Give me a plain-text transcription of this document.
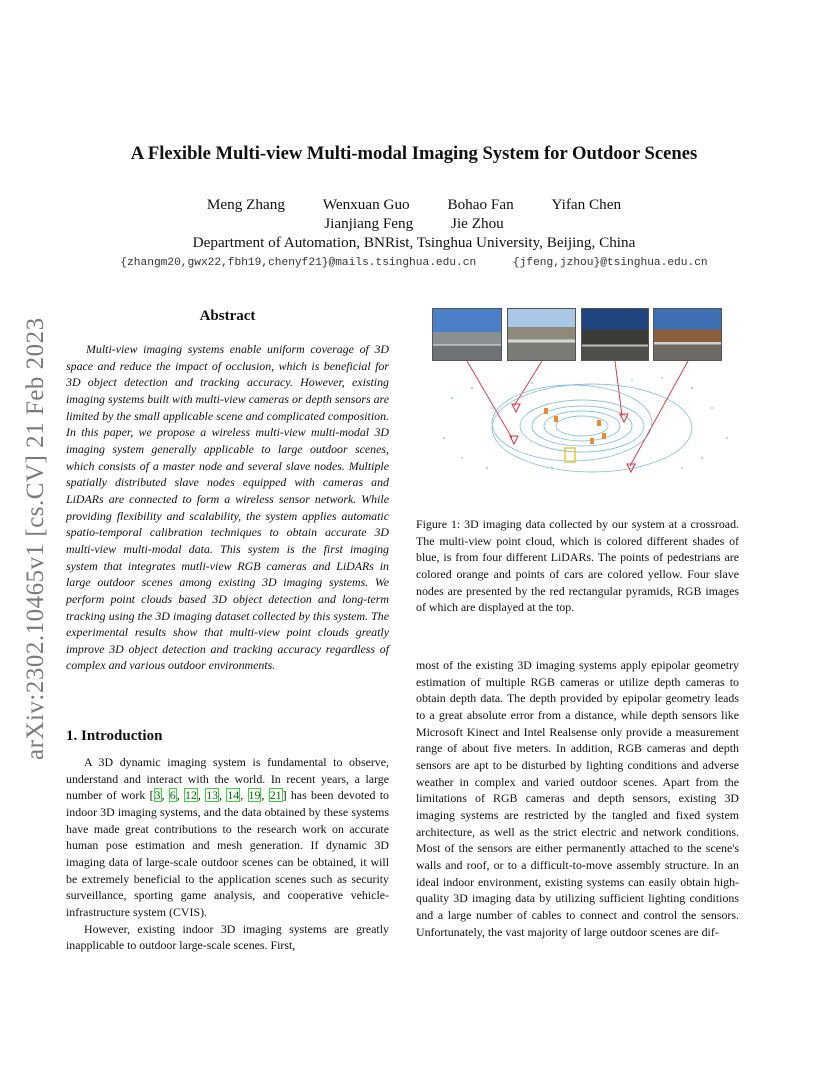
arXiv:2302.10465v1 [cs.CV] 21 Feb 2023
A Flexible Multi-view Multi-modal Imaging System for Outdoor Scenes
Meng Zhang Wenxuan Guo Bohao Fan Yifan Chen
Jianjiang Feng Jie Zhou
Department of Automation, BNRist, Tsinghua University, Beijing, China
{zhangm20,gwx22,fbh19,chenyf21}@mails.tsinghua.edu.cn	{jfeng,jzhou}@tsinghua.edu.cn
Abstract

Multi-view imaging systems enable uniform coverage of 3D space and reduce the impact of occlusion, which is beneficial for 3D object detection and tracking accuracy. However, existing imaging systems built with multi-view cameras or depth sensors are limited by the small applicable scene and complicated composition. In this paper, we propose a wireless multi-view multi-modal 3D imaging system generally applicable to large outdoor scenes, which consists of a master node and several slave nodes. Multiple spatially distributed slave nodes equipped with cameras and LiDARs are connected to form a wireless sensor network. While providing flexibility and scalability, the system applies automatic spatio-temporal calibration techniques to obtain accurate 3D multi-view multi-modal data. This system is the first imaging system that integrates mutli-view RGB cameras and LiDARs in large outdoor scenes among existing 3D imaging systems. We perform point clouds based 3D object detection and long-term tracking using the 3D imaging dataset collected by this system. The experimental results show that multi-view point clouds greatly improve 3D object detection and tracking accuracy regardless of complex and various outdoor environments.

1. Introduction

A 3D dynamic imaging system is fundamental to observe, understand and interact with the world. In recent years, a large number of work [3, 6, 12, 13, 14, 19, 21] has been devoted to indoor 3D imaging systems, and the data obtained by these systems have made great contributions to the research work on accurate human pose estimation and mesh generation. If dynamic 3D imaging data of large-scale outdoor scenes can be obtained, it will be extremely beneficial to the application scenes such as security surveillance, sporting game analysis, and cooperative vehicle-infrastructure system (CVIS).

However, existing indoor 3D imaging systems are greatly inapplicable to outdoor large-scale scenes. First,

Figure 1: 3D imaging data collected by our system at a crossroad. The multi-view point cloud, which is colored different shades of blue, is from four different LiDARs. The points of pedestrians are colored orange and points of cars are colored yellow. Four slave nodes are presented by the red rectangular pyramids, RGB images of which are displayed at the top.

most of the existing 3D imaging systems apply epipolar geometry estimation of multiple RGB cameras or utilize depth cameras to obtain depth data. The depth provided by epipolar geometry leads to a great absolute error from a distance, while depth sensors like Microsoft Kinect and Intel Realsense only provide a measurement range of about five meters. In addition, RGB cameras and depth sensors are apt to be disturbed by lighting conditions and adverse weather in complex and varied outdoor scenes. Apart from the limitations of RGB cameras and depth sensors, existing 3D imaging systems are restricted by the tangled and fixed system architecture, as well as the strict electric and network conditions. Most of the sensors are either permanently attached to the scene's walls and roof, or to a difficult-to-move assembly structure. In an ideal indoor environment, existing systems can easily obtain high-quality 3D imaging data by utilizing sufficient lighting conditions and a large number of cables to connect and control the sensors. Unfortunately, the vast majority of large outdoor scenes are dif-
